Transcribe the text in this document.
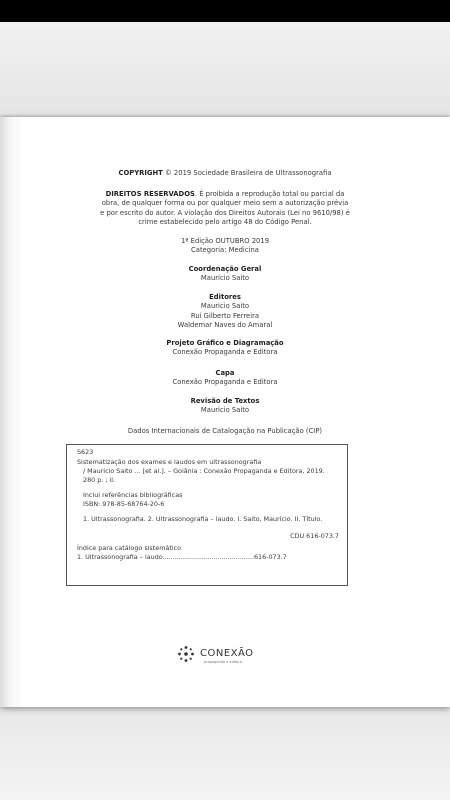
COPYRIGHT © 2019 Sociedade Brasileira de Ultrassonografia
DIREITOS RESERVADOS. É proibida a reprodução total ou parcial da
obra, de qualquer forma ou por qualquer meio sem a autorização prévia
e por escrito do autor. A violação dos Direitos Autorais (Lei no 9610/98) é
crime estabelecido pelo artigo 48 do Código Penal.
1ª Edição OUTUBRO 2019
Categoria: Medicina
Coordenação Geral
Mauricio Saito
Editores
Mauricio Saito
Rui Gilberto Ferreira
Waldemar Naves do Amaral
Projeto Gráfico e Diagramação
Conexão Propaganda e Editora
Capa
Conexão Propaganda e Editora
Revisão de Textos
Mauricio Saito
Dados Internacionais de Catalogação na Publicação (CIP)
S623
Sistematização dos exames e laudos em ultrassonografia
/ Mauricio Saito ... [et al.]. – Goiânia : Conexão Propaganda e Editora, 2019.
280 p. ; il.
Inclui referências bibliográficas
ISBN: 978-85-68764-20-6
1. Ultrassonografia. 2. Ultrassonografia – laudo. I. Saito, Maurício. II. Título.
CDU 616-073.7
Índice para catálogo sistemático
1. Ultrassonografia – laudo.............................................616-073.7
CONEXÃO
propaganda e editora
